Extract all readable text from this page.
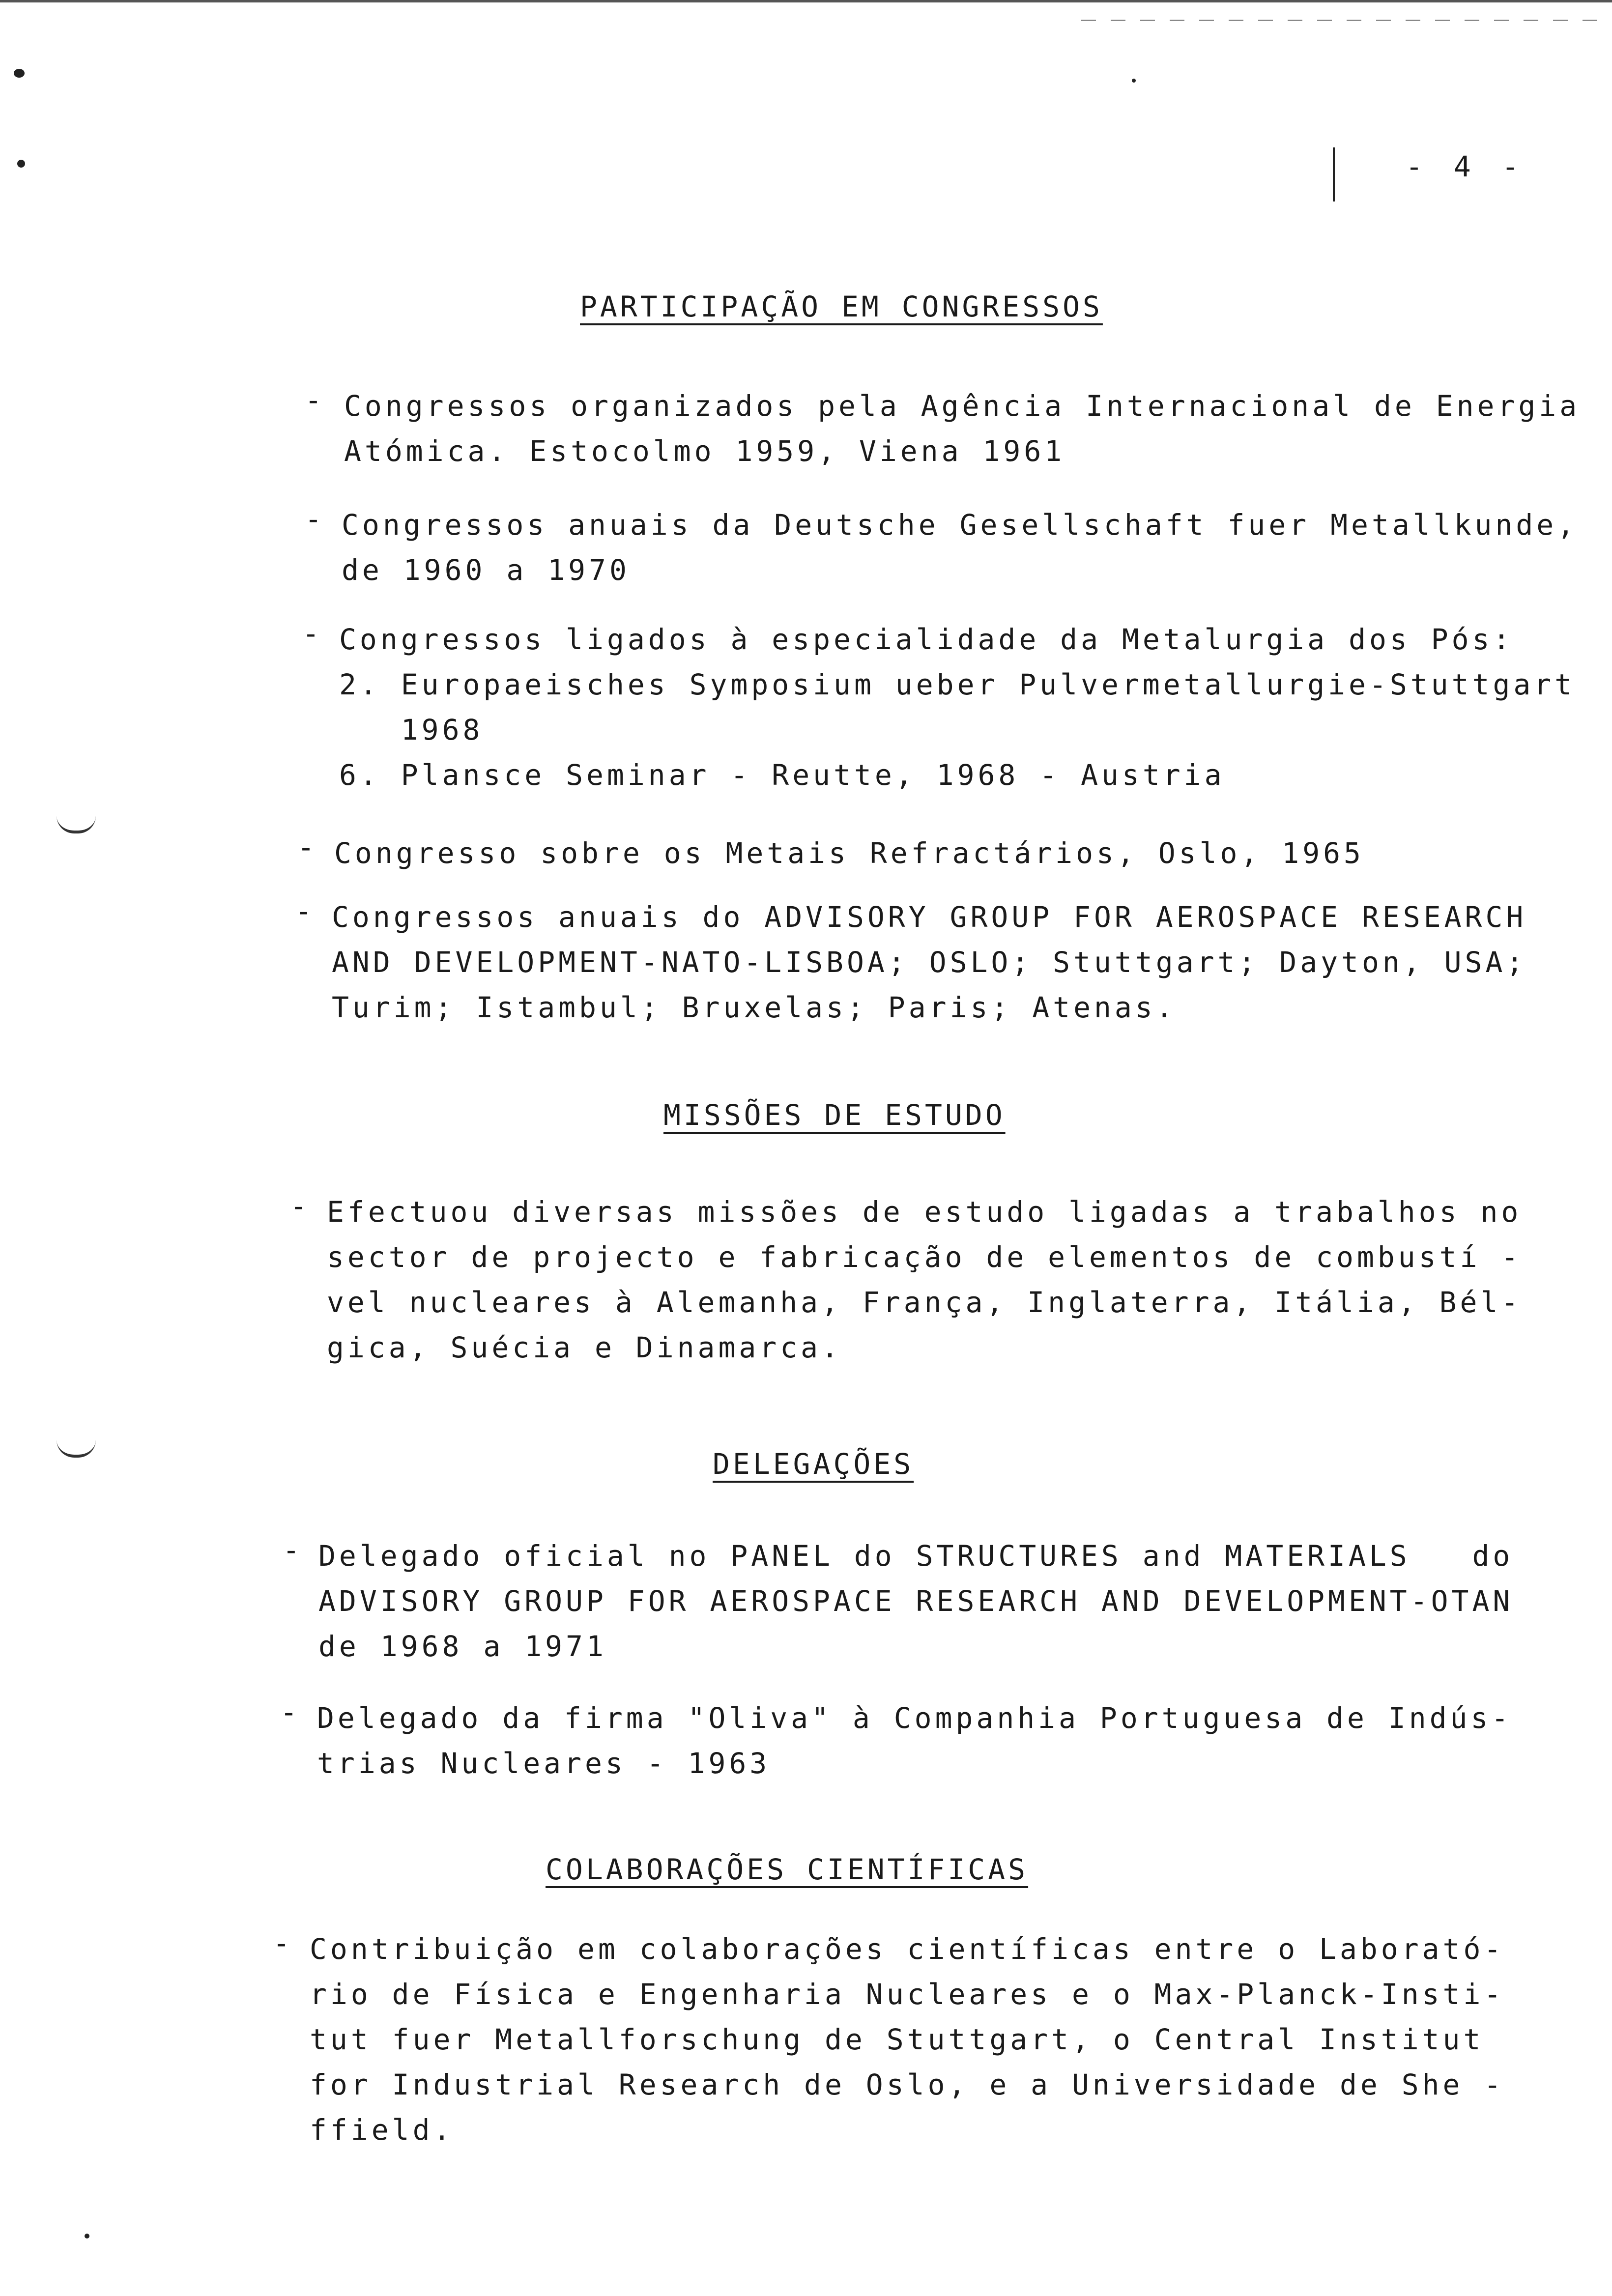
- 4 -
PARTICIPAÇÃO EM CONGRESSOS
- Congressos organizados pela Agência Internacional de Energia
Atómica. Estocolmo 1959, Viena 1961
- Congressos anuais da Deutsche Gesellschaft fuer Metallkunde,
de 1960 a 1970
- Congressos ligados à especialidade da Metalurgia dos Pós:
2. Europaeisches Symposium ueber Pulvermetallurgie-Stuttgart
1968
6. Plansce Seminar - Reutte, 1968 - Austria
- Congresso sobre os Metais Refractários, Oslo, 1965
- Congressos anuais do ADVISORY GROUP FOR AEROSPACE RESEARCH
AND DEVELOPMENT-NATO-LISBOA; OSLO; Stuttgart; Dayton, USA;
Turim; Istambul; Bruxelas; Paris; Atenas.
MISSÕES DE ESTUDO
- Efectuou diversas missões de estudo ligadas a trabalhos no
sector de projecto e fabricação de elementos de combustí -
vel nucleares à Alemanha, França, Inglaterra, Itália, Bél-
gica, Suécia e Dinamarca.
DELEGAÇÕES
- Delegado oficial no PANEL do STRUCTURES and MATERIALS   do
ADVISORY GROUP FOR AEROSPACE RESEARCH AND DEVELOPMENT-OTAN
de 1968 a 1971
- Delegado da firma "Oliva" à Companhia Portuguesa de Indús-
trias Nucleares - 1963
COLABORAÇÕES CIENTÍFICAS
- Contribuição em colaborações científicas entre o Laborató-
rio de Física e Engenharia Nucleares e o Max-Planck-Insti-
tut fuer Metallforschung de Stuttgart, o Central Institut
for Industrial Research de Oslo, e a Universidade de She -
ffield.
